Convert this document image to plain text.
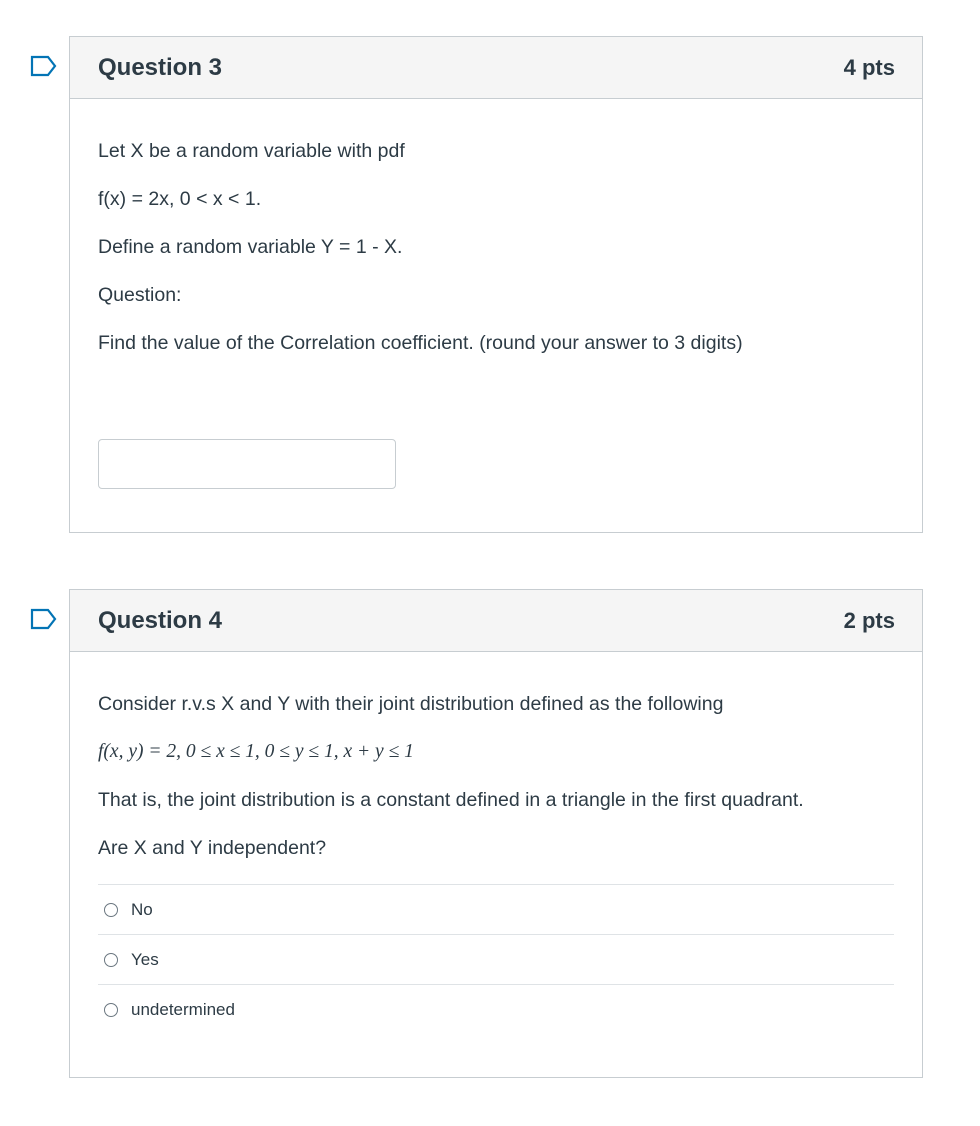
Question 3	4 pts

Let X be a random variable with pdf

f(x) = 2x, 0 < x < 1.

Define a random variable Y = 1 - X.

Question:

Find the value of the Correlation coefficient. (round your answer to 3 digits)

Question 4	2 pts

Consider r.v.s X and Y with their joint distribution defined as the following

f(x, y) = 2, 0 ≤ x ≤ 1, 0 ≤ y ≤ 1, x + y ≤ 1

That is, the joint distribution is a constant defined in a triangle in the first quadrant.

Are X and Y independent?

No
Yes
undetermined
